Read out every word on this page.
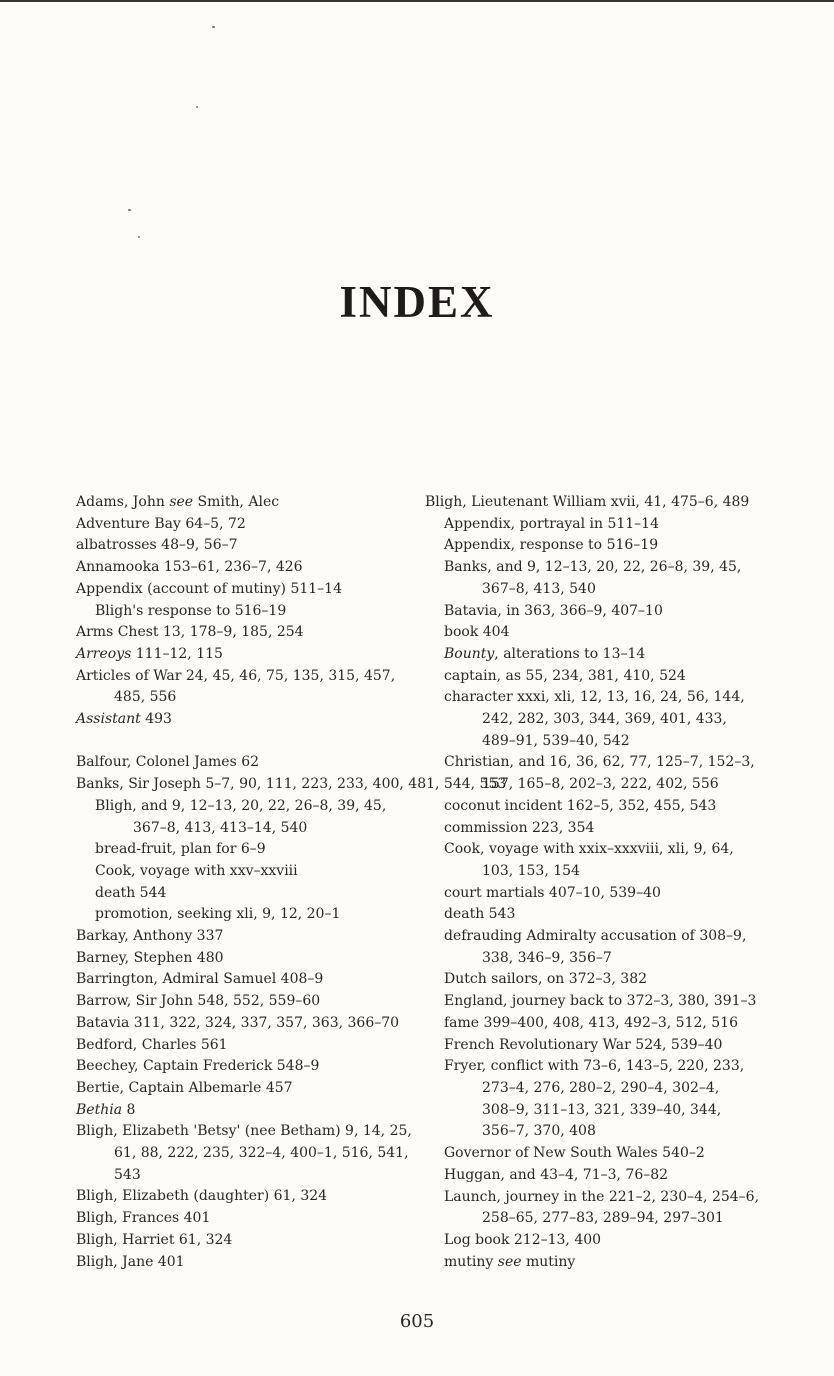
INDEX
Adams, John see Smith, Alec
Adventure Bay 64–5, 72
albatrosses 48–9, 56–7
Annamooka 153–61, 236–7, 426
Appendix (account of mutiny) 511–14
Bligh's response to 516–19
Arms Chest 13, 178–9, 185, 254
Arreoys 111–12, 115
Articles of War 24, 45, 46, 75, 135, 315, 457,
485, 556
Assistant 493
Balfour, Colonel James 62
Banks, Sir Joseph 5–7, 90, 111, 223, 233, 400, 481, 544, 553
Bligh, and 9, 12–13, 20, 22, 26–8, 39, 45,
367–8, 413, 413–14, 540
bread-fruit, plan for 6–9
Cook, voyage with xxv–xxviii
death 544
promotion, seeking xli, 9, 12, 20–1
Barkay, Anthony 337
Barney, Stephen 480
Barrington, Admiral Samuel 408–9
Barrow, Sir John 548, 552, 559–60
Batavia 311, 322, 324, 337, 357, 363, 366–70
Bedford, Charles 561
Beechey, Captain Frederick 548–9
Bertie, Captain Albemarle 457
Bethia 8
Bligh, Elizabeth 'Betsy' (nee Betham) 9, 14, 25,
61, 88, 222, 235, 322–4, 400–1, 516, 541,
543
Bligh, Elizabeth (daughter) 61, 324
Bligh, Frances 401
Bligh, Harriet 61, 324
Bligh, Jane 401
Bligh, Lieutenant William xvii, 41, 475–6, 489
Appendix, portrayal in 511–14
Appendix, response to 516–19
Banks, and 9, 12–13, 20, 22, 26–8, 39, 45,
367–8, 413, 540
Batavia, in 363, 366–9, 407–10
book 404
Bounty, alterations to 13–14
captain, as 55, 234, 381, 410, 524
character xxxi, xli, 12, 13, 16, 24, 56, 144,
242, 282, 303, 344, 369, 401, 433,
489–91, 539–40, 542
Christian, and 16, 36, 62, 77, 125–7, 152–3,
157, 165–8, 202–3, 222, 402, 556
coconut incident 162–5, 352, 455, 543
commission 223, 354
Cook, voyage with xxix–xxxviii, xli, 9, 64,
103, 153, 154
court martials 407–10, 539–40
death 543
defrauding Admiralty accusation of 308–9,
338, 346–9, 356–7
Dutch sailors, on 372–3, 382
England, journey back to 372–3, 380, 391–3
fame 399–400, 408, 413, 492–3, 512, 516
French Revolutionary War 524, 539–40
Fryer, conflict with 73–6, 143–5, 220, 233,
273–4, 276, 280–2, 290–4, 302–4,
308–9, 311–13, 321, 339–40, 344,
356–7, 370, 408
Governor of New South Wales 540–2
Huggan, and 43–4, 71–3, 76–82
Launch, journey in the 221–2, 230–4, 254–6,
258–65, 277–83, 289–94, 297–301
Log book 212–13, 400
mutiny see mutiny
605
